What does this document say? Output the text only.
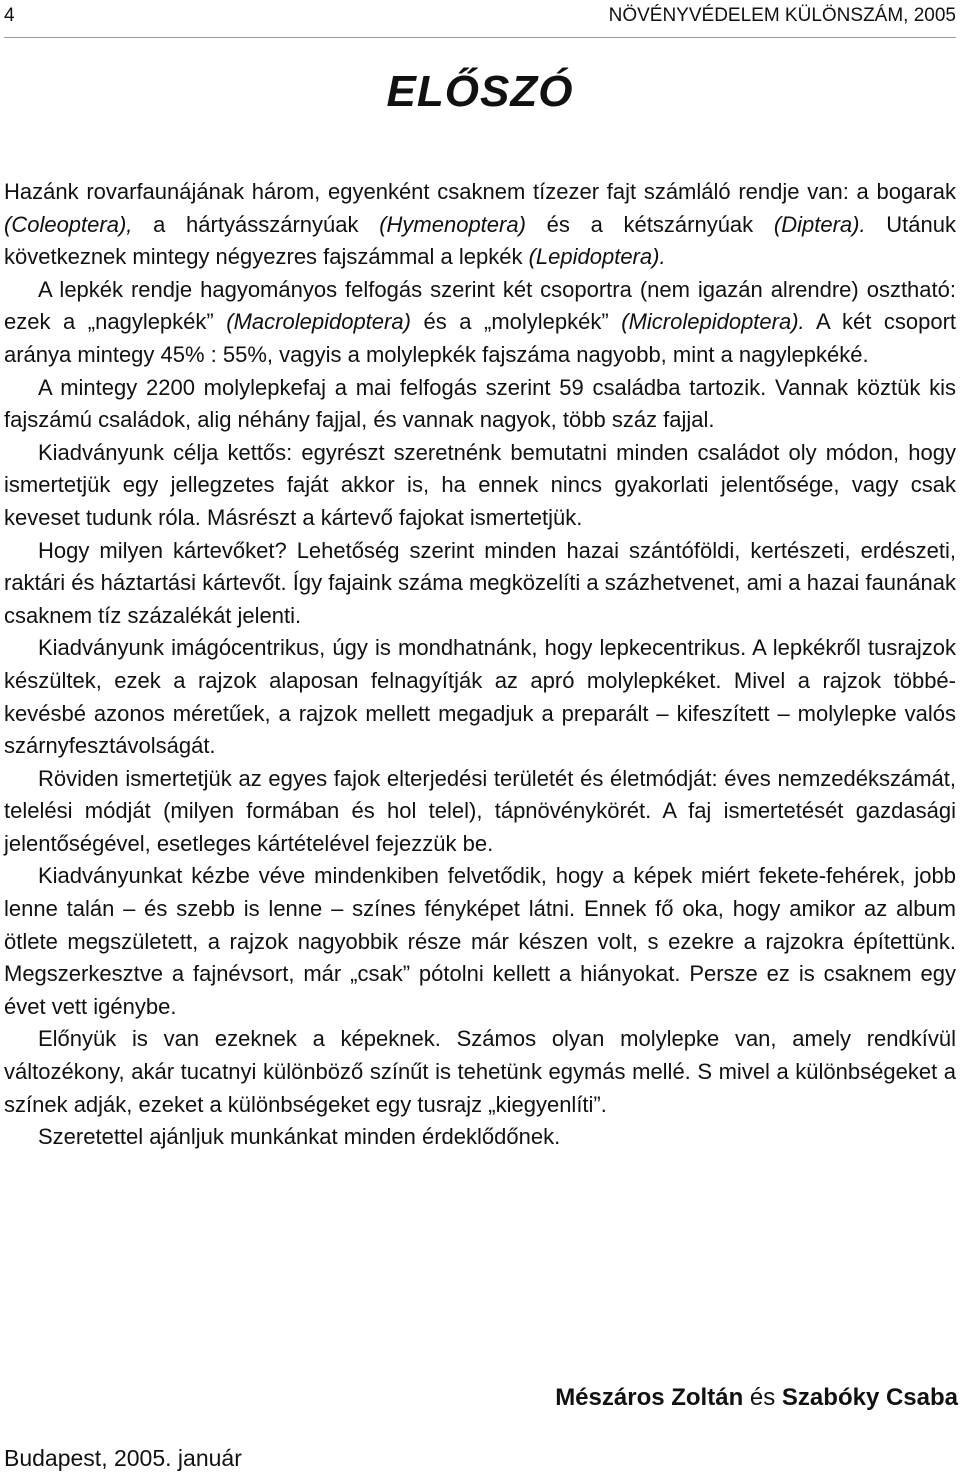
4	NÖVÉNYVÉDELEM KÜLÖNSZÁM, 2005
ELŐSZÓ

Hazánk rovarfaunájának három, egyenként csaknem tízezer fajt számláló rendje van: a bogarak (Coleoptera), a hártyásszárnyúak (Hymenoptera) és a kétszárnyúak (Diptera). Utánuk következnek mintegy négyezres fajszámmal a lepkék (Lepidoptera).

A lepkék rendje hagyományos felfogás szerint két csoportra (nem igazán alrendre) osztható: ezek a „nagylepkék” (Macrolepidoptera) és a „molylepkék” (Microlepidoptera). A két csoport aránya mintegy 45% : 55%, vagyis a molylepkék fajszáma nagyobb, mint a nagylepkéké.

A mintegy 2200 molylepkefaj a mai felfogás szerint 59 családba tartozik. Vannak köztük kis fajszámú családok, alig néhány fajjal, és vannak nagyok, több száz fajjal.

Kiadványunk célja kettős: egyrészt szeretnénk bemutatni minden családot oly módon, hogy ismertetjük egy jellegzetes faját akkor is, ha ennek nincs gyakorlati jelentősége, vagy csak keveset tudunk róla. Másrészt a kártevő fajokat ismertetjük.

Hogy milyen kártevőket? Lehetőség szerint minden hazai szántóföldi, kertészeti, erdészeti, raktári és háztartási kártevőt. Így fajaink száma megközelíti a százhetvenet, ami a hazai faunának csaknem tíz százalékát jelenti.

Kiadványunk imágócentrikus, úgy is mondhatnánk, hogy lepkecentrikus. A lepkékről tusrajzok készültek, ezek a rajzok alaposan felnagyítják az apró molylepkéket. Mivel a rajzok többé-kevésbé azonos méretűek, a rajzok mellett megadjuk a preparált – kifeszített – molylepke valós szárnyfesztávolságát.

Röviden ismertetjük az egyes fajok elterjedési területét és életmódját: éves nemzedékszámát, telelési módját (milyen formában és hol telel), tápnövénykörét. A faj ismertetését gazdasági jelentőségével, esetleges kártételével fejezzük be.

Kiadványunkat kézbe véve mindenkiben felvetődik, hogy a képek miért fekete-fehérek, jobb lenne talán – és szebb is lenne – színes fényképet látni. Ennek fő oka, hogy amikor az album ötlete megszületett, a rajzok nagyobbik része már készen volt, s ezekre a rajzokra építettünk. Megszerkesztve a fajnévsort, már „csak” pótolni kellett a hiányokat. Persze ez is csaknem egy évet vett igénybe.

Előnyük is van ezeknek a képeknek. Számos olyan molylepke van, amely rendkívül változékony, akár tucatnyi különböző színűt is tehetünk egymás mellé. S mivel a különbségeket a színek adják, ezeket a különbségeket egy tusrajz „kiegyenlíti”.

Szeretettel ajánljuk munkánkat minden érdeklődőnek.

Mészáros Zoltán és Szabóky Csaba
Budapest, 2005. január
